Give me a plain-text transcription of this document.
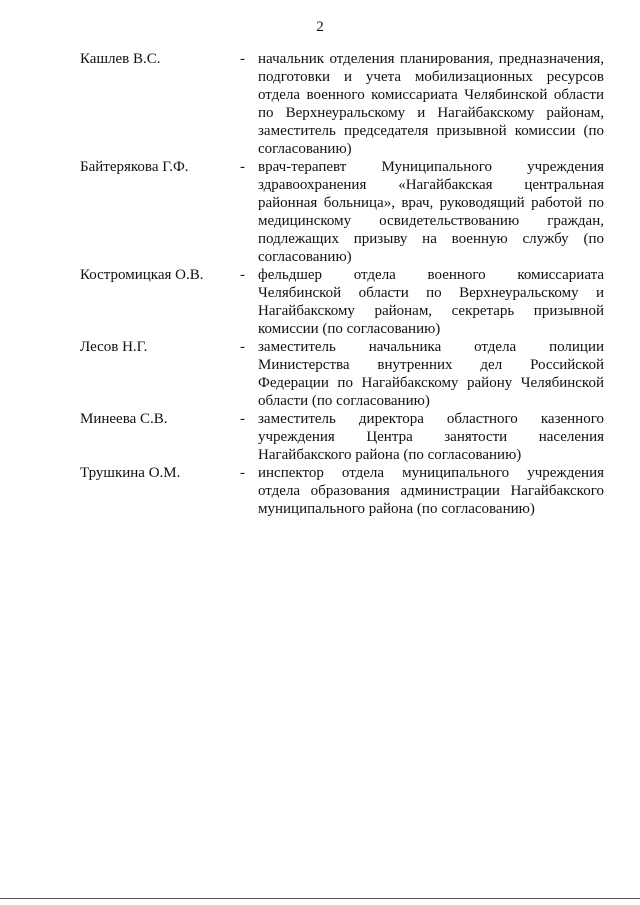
2
Кашлев В.С.	- начальник отделения планирования, предназначения, подготовки и учета мобилизационных ресурсов отдела военного комиссариата Челябинской области по Верхнеуральскому и Нагайбакскому районам, заместитель председателя призывной комиссии (по согласованию)

Байтерякова Г.Ф.	- врач-терапевт Муниципального учреждения здравоохранения «Нагайбакская центральная районная больница», врач, руководящий работой по медицинскому освидетельствованию граждан, подлежащих призыву на военную службу (по согласованию)

Костромицкая О.В.	- фельдшер отдела военного комиссариата Челябинской области по Верхнеуральскому и Нагайбакскому районам, секретарь призывной комиссии (по согласованию)

Лесов Н.Г.	- заместитель начальника отдела полиции Министерства внутренних дел Российской Федерации по Нагайбакскому району Челябинской области (по согласованию)

Минеева С.В.	- заместитель директора областного казенного учреждения Центра занятости населения Нагайбакского района (по согласованию)

Трушкина О.М.	- инспектор отдела муниципального учреждения отдела образования администрации Нагайбакского муниципального района (по согласованию)
